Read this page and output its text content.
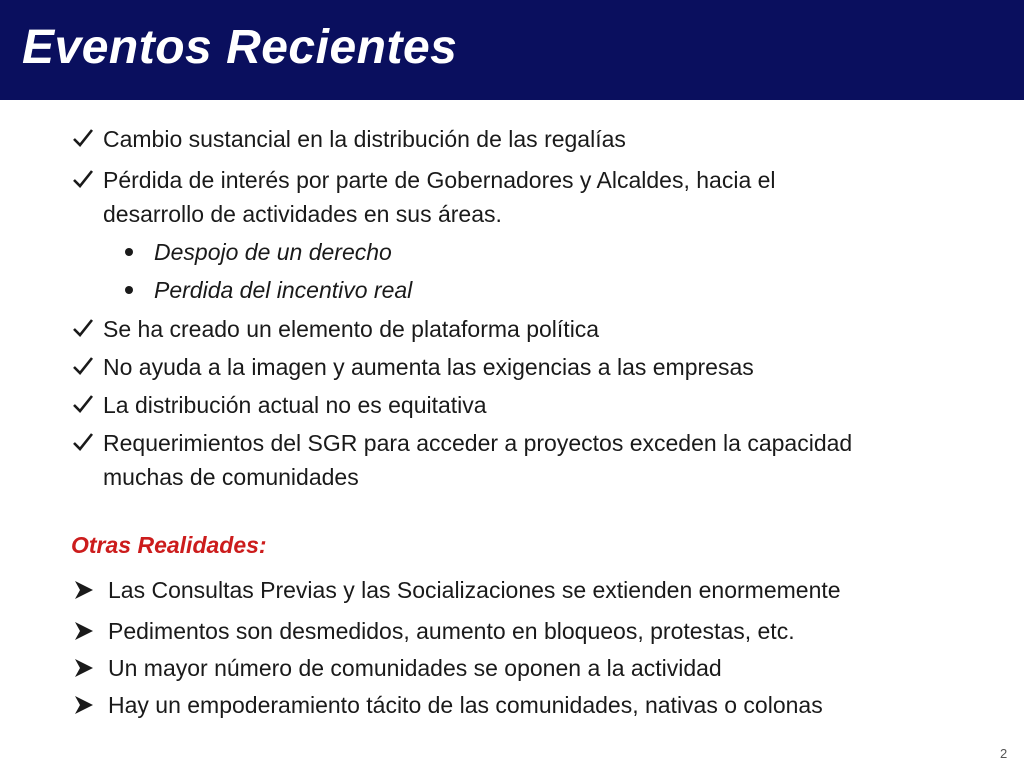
Eventos Recientes
Cambio sustancial en la distribución de las regalías
Pérdida de interés por parte de Gobernadores y Alcaldes, hacia el
desarrollo de actividades en sus áreas.
Despojo de un derecho
Perdida del incentivo real
Se ha creado un elemento de plataforma política
No ayuda a la imagen y aumenta las exigencias a las empresas
La distribución actual no es equitativa
Requerimientos del SGR para acceder a proyectos exceden la capacidad
muchas de comunidades
Otras Realidades:
Las Consultas Previas y las Socializaciones se extienden enormemente
Pedimentos son desmedidos, aumento en bloqueos, protestas, etc.
Un mayor número de comunidades se oponen a la actividad
Hay un empoderamiento tácito de las comunidades, nativas o colonas
2
